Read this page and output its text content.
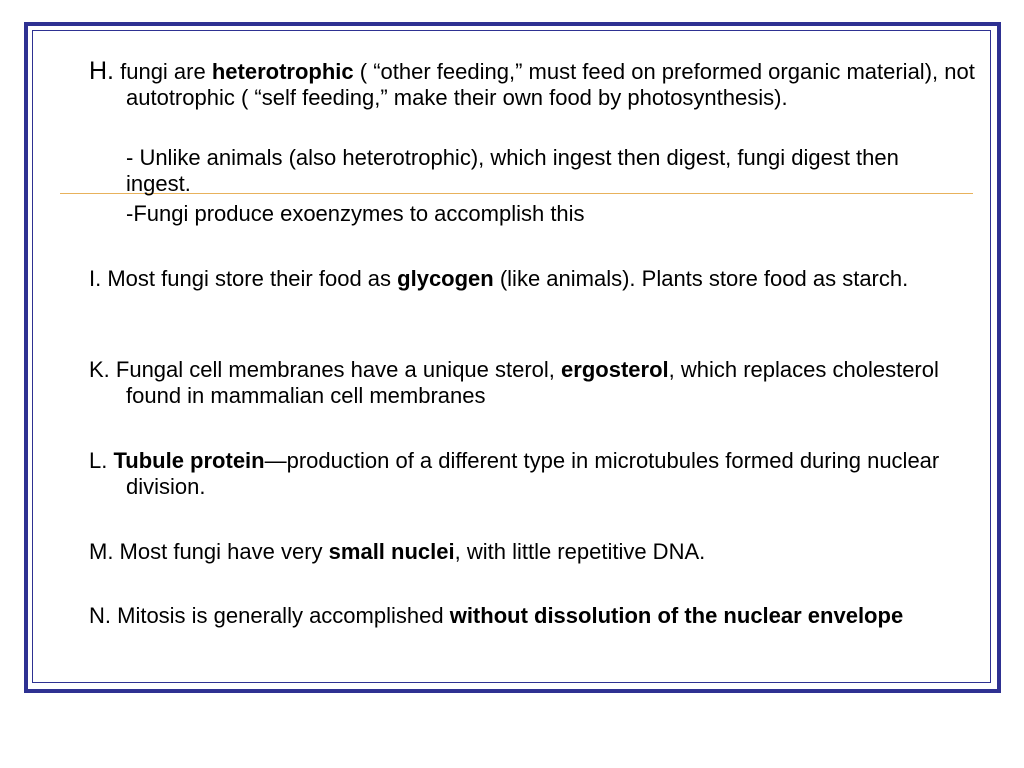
H. fungi are heterotrophic ( “other feeding,” must feed on preformed organic material), not autotrophic ( “self feeding,” make their own food by photosynthesis).

- Unlike animals (also heterotrophic), which ingest then digest, fungi digest then ingest.

-Fungi produce exoenzymes to accomplish this

I. Most fungi store their food as glycogen (like animals). Plants store food as starch.

K. Fungal cell membranes have a unique sterol, ergosterol, which replaces cholesterol found in mammalian cell membranes

L. Tubule protein—production of a different type in microtubules formed during nuclear division.

M. Most fungi have very small nuclei, with little repetitive DNA.

N. Mitosis is generally accomplished without dissolution of the nuclear envelope
